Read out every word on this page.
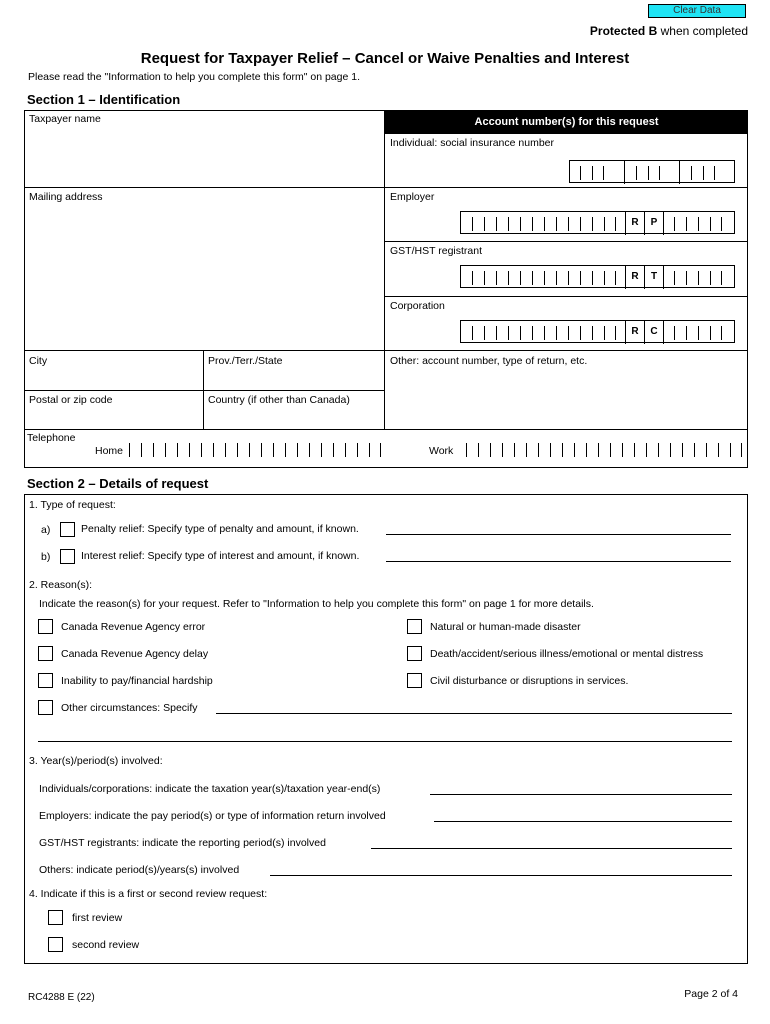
Clear Data
Protected B when completed
Request for Taxpayer Relief – Cancel or Waive Penalties and Interest
Please read the "Information to help you complete this form" on page 1.
Section 1 – Identification
Account number(s) for this request
Taxpayer name
Mailing address
Individual: social insurance number
Employer
R	P
GST/HST registrant
R	T
Corporation
R	C
City	Prov./Terr./State	Other: account number, type of return, etc.
Postal or zip code	Country (if other than Canada)
Telephone
Home	Work
Section 2 – Details of request
1. Type of request:
a)	Penalty relief: Specify type of penalty and amount, if known.
b)	Interest relief: Specify type of interest and amount, if known.
2. Reason(s):
Indicate the reason(s) for your request. Refer to "Information to help you complete this form" on page 1 for more details.
Canada Revenue Agency error
Canada Revenue Agency delay
Inability to pay/financial hardship
Natural or human-made disaster
Death/accident/serious illness/emotional or mental distress
Civil disturbance or disruptions in services.
Other circumstances: Specify
3. Year(s)/period(s) involved:
Individuals/corporations: indicate the taxation year(s)/taxation year-end(s)
Employers: indicate the pay period(s) or type of information return involved
GST/HST registrants: indicate the reporting period(s) involved
Others: indicate period(s)/years(s) involved
4. Indicate if this is a first or second review request:
first review
second review
RC4288 E (22)	Page 2 of 4
